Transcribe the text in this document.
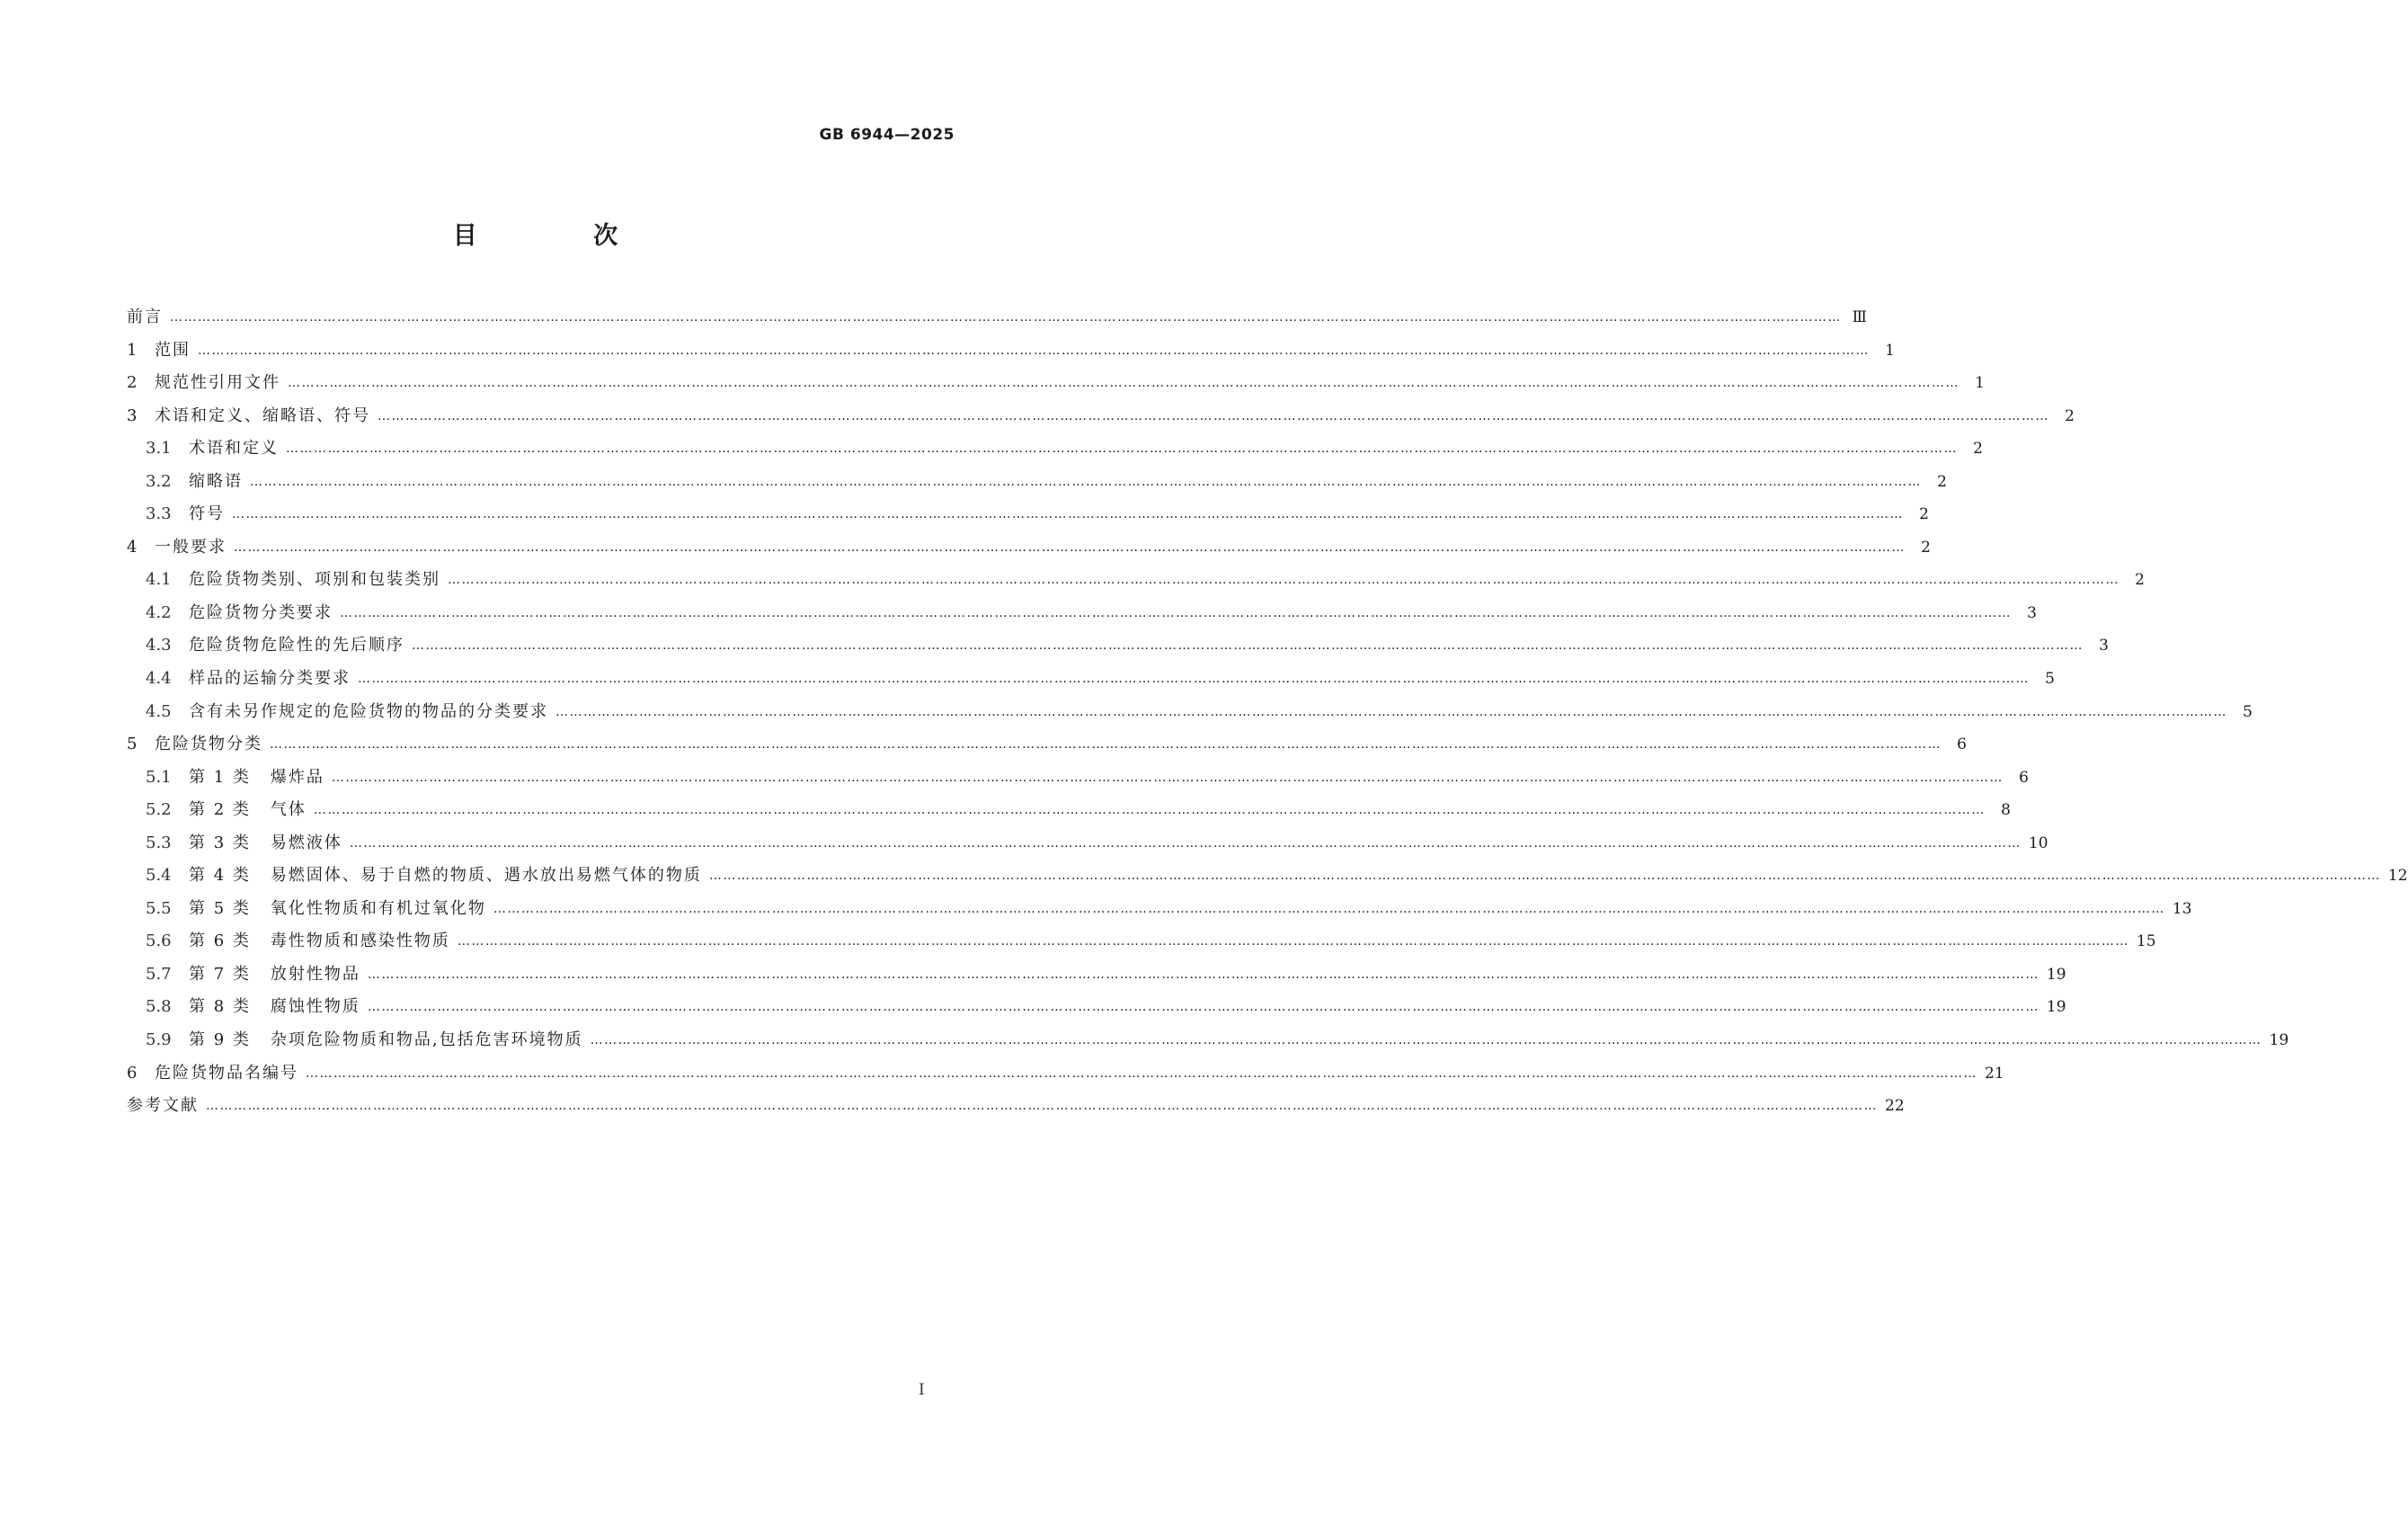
GB 6944—2025
目 次
前言 ……………………………………………………………………………………………………………………………………………………………………………………………………………………………………………………………………………………………………………………………… Ⅲ
1	范围 ………………………………………………………………………………………………………………………………………………………………………………………………………………………………………………………………………………………………………………………………	1
2	规范性引用文件 ………………………………………………………………………………………………………………………………………………………………………………………………………………………………………………………………………………………………………………………………	1
3	术语和定义、缩略语、符号 ………………………………………………………………………………………………………………………………………………………………………………………………………………………………………………………………………………………………………………………………	2
3.1	术语和定义 ………………………………………………………………………………………………………………………………………………………………………………………………………………………………………………………………………………………………………………………………	2
3.2	缩略语 ………………………………………………………………………………………………………………………………………………………………………………………………………………………………………………………………………………………………………………………………	2
3.3	符号 ………………………………………………………………………………………………………………………………………………………………………………………………………………………………………………………………………………………………………………………………	2
4	一般要求 ………………………………………………………………………………………………………………………………………………………………………………………………………………………………………………………………………………………………………………………………	2
4.1	危险货物类别、项别和包装类别 ………………………………………………………………………………………………………………………………………………………………………………………………………………………………………………………………………………………………………………………………	2
4.2	危险货物分类要求 ………………………………………………………………………………………………………………………………………………………………………………………………………………………………………………………………………………………………………………………………	3
4.3	危险货物危险性的先后顺序 ………………………………………………………………………………………………………………………………………………………………………………………………………………………………………………………………………………………………………………………………	3
4.4	样品的运输分类要求 ………………………………………………………………………………………………………………………………………………………………………………………………………………………………………………………………………………………………………………………………	5
4.5	含有未另作规定的危险货物的物品的分类要求 ………………………………………………………………………………………………………………………………………………………………………………………………………………………………………………………………………………………………………………………………	5
5	危险货物分类 ………………………………………………………………………………………………………………………………………………………………………………………………………………………………………………………………………………………………………………………………	6
5.1	第 1 类 爆炸品 ………………………………………………………………………………………………………………………………………………………………………………………………………………………………………………………………………………………………………………………………	6
5.2	第 2 类 气体 ………………………………………………………………………………………………………………………………………………………………………………………………………………………………………………………………………………………………………………………………	8
5.3	第 3 类 易燃液体 ……………………………………………………………………………………………………………………………………………………………………………………………………………………………………………………………………………………………………………………………… 10
5.4	第 4 类 易燃固体、易于自燃的物质、遇水放出易燃气体的物质 ……………………………………………………………………………………………………………………………………………………………………………………………………………………………………………………………………………………………………………………………… 12
5.5	第 5 类 氧化性物质和有机过氧化物 ……………………………………………………………………………………………………………………………………………………………………………………………………………………………………………………………………………………………………………………………… 13
5.6	第 6 类 毒性物质和感染性物质 ……………………………………………………………………………………………………………………………………………………………………………………………………………………………………………………………………………………………………………………………… 15
5.7	第 7 类 放射性物品 ……………………………………………………………………………………………………………………………………………………………………………………………………………………………………………………………………………………………………………………………… 19
5.8	第 8 类 腐蚀性物质 ……………………………………………………………………………………………………………………………………………………………………………………………………………………………………………………………………………………………………………………………… 19
5.9	第 9 类 杂项危险物质和物品,包括危害环境物质 ……………………………………………………………………………………………………………………………………………………………………………………………………………………………………………………………………………………………………………………………… 19
6	危险货物品名编号 ……………………………………………………………………………………………………………………………………………………………………………………………………………………………………………………………………………………………………………………………… 21
参考文献 ……………………………………………………………………………………………………………………………………………………………………………………………………………………………………………………………………………………………………………………………… 22
Ⅰ
